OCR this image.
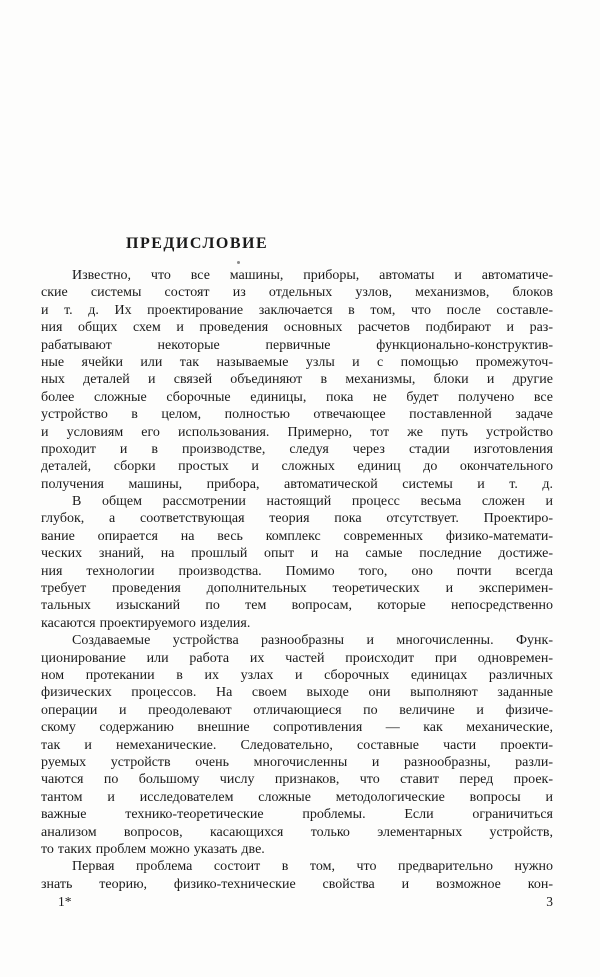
ПРЕДИСЛОВИЕ
Известно, что все машины, приборы, автоматы и автоматиче-
ские системы состоят из отдельных узлов, механизмов, блоков
и т. д. Их проектирование заключается в том, что после составле-
ния общих схем и проведения основных расчетов подбирают и раз-
рабатывают некоторые первичные функционально-конструктив-
ные ячейки или так называемые узлы и с помощью промежуточ-
ных деталей и связей объединяют в механизмы, блоки и другие
более сложные сборочные единицы, пока не будет получено все
устройство в целом, полностью отвечающее поставленной задаче
и условиям его использования. Примерно, тот же путь устройство
проходит и в производстве, следуя через стадии изготовления
деталей, сборки простых и сложных единиц до окончательного
получения машины, прибора, автоматической системы и т. д.
В общем рассмотрении настоящий процесс весьма сложен и
глубок, а соответствующая теория пока отсутствует. Проектиро-
вание опирается на весь комплекс современных физико-математи-
ческих знаний, на прошлый опыт и на самые последние достиже-
ния технологии производства. Помимо того, оно почти всегда
требует проведения дополнительных теоретических и эксперимен-
тальных изысканий по тем вопросам, которые непосредственно
касаются проектируемого изделия.
Создаваемые устройства разнообразны и многочисленны. Функ-
ционирование или работа их частей происходит при одновремен-
ном протекании в их узлах и сборочных единицах различных
физических процессов. На своем выходе они выполняют заданные
операции и преодолевают отличающиеся по величине и физиче-
скому содержанию внешние сопротивления — как механические,
так и немеханические. Следовательно, составные части проекти-
руемых устройств очень многочисленны и разнообразны, разли-
чаются по большому числу признаков, что ставит перед проек-
тантом и исследователем сложные методологические вопросы и
важные технико-теоретические проблемы. Если ограничиться
анализом вопросов, касающихся только элементарных устройств,
то таких проблем можно указать две.
Первая проблема состоит в том, что предварительно нужно
знать теорию, физико-технические свойства и возможное кон-
1*	3
